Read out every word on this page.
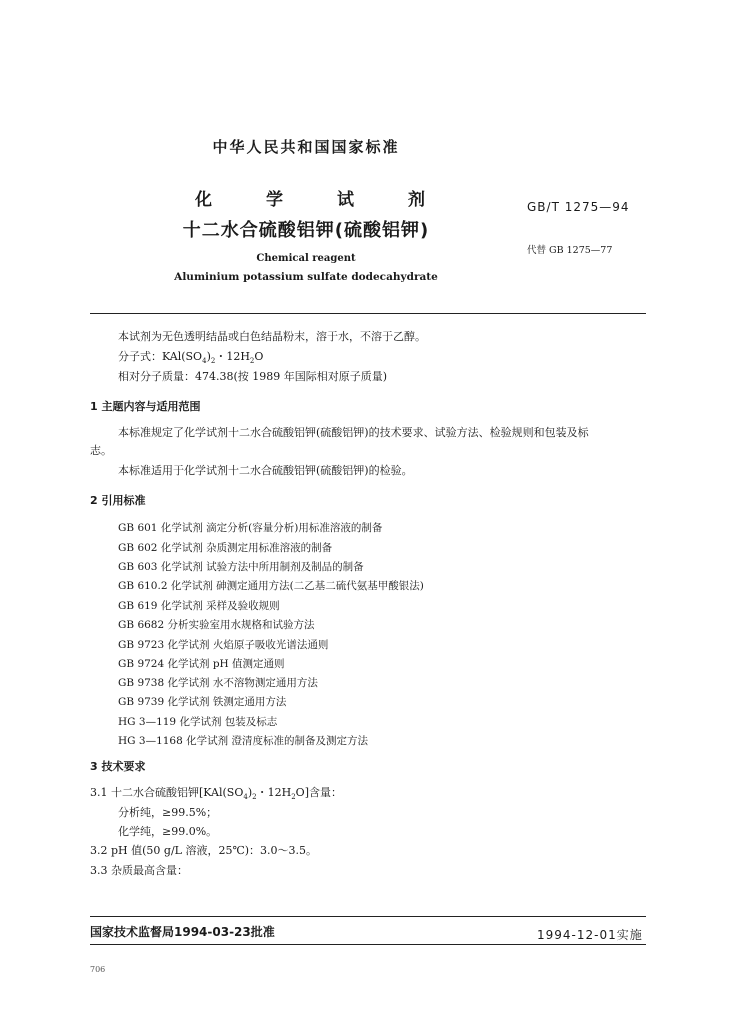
中华人民共和国国家标准
化	学	试	剂
十二水合硫酸铝钾(硫酸铝钾)
Chemical reagent
Aluminium potassium sulfate dodecahydrate
GB/T 1275—94
代替 GB 1275—77
本试剂为无色透明结晶或白色结晶粉末，溶于水，不溶于乙醇。
分子式：$KAl(SO_4)_2$・$12H_2O$
相对分子质量：474.38(按 1989 年国际相对原子质量)
1 主题内容与适用范围
本标准规定了化学试剂十二水合硫酸铝钾(硫酸铝钾)的技术要求、试验方法、检验规则和包装及标
志。
本标准适用于化学试剂十二水合硫酸铝钾(硫酸铝钾)的检验。
2 引用标准
GB 601 化学试剂 滴定分析(容量分析)用标准溶液的制备
GB 602 化学试剂 杂质测定用标准溶液的制备
GB 603 化学试剂 试验方法中所用制剂及制品的制备
GB 610.2 化学试剂 砷测定通用方法(二乙基二硫代氨基甲酸银法)
GB 619 化学试剂 采样及验收规则
GB 6682 分析实验室用水规格和试验方法
GB 9723 化学试剂 火焰原子吸收光谱法通则
GB 9724 化学试剂 pH 值测定通则
GB 9738 化学试剂 水不溶物测定通用方法
GB 9739 化学试剂 铁测定通用方法
HG 3—119 化学试剂 包装及标志
HG 3—1168 化学试剂 澄清度标准的制备及测定方法
3 技术要求
3.1 十二水合硫酸铝钾[$KAl(SO_4)_2$・$12H_2O$]含量：
分析纯，≥99.5%；
化学纯，≥99.0%。
3.2 pH 值(50 g/L 溶液，25℃)：3.0～3.5。
3.3 杂质最高含量：
国家技术监督局1994-03-23批准	1994-12-01实施
706
